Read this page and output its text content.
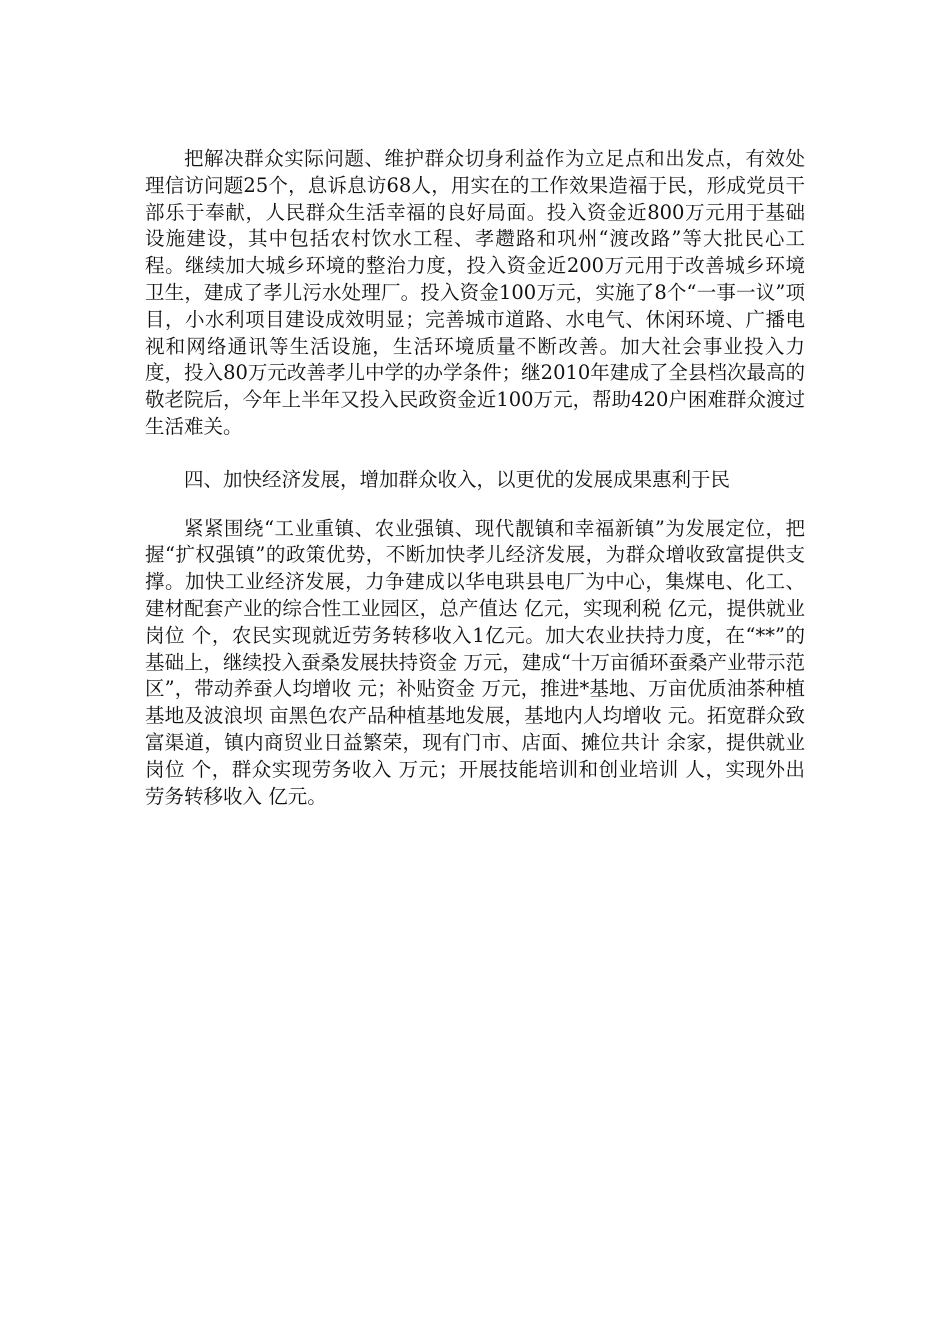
把解决群众实际问题、维护群众切身利益作为立足点和出发点，有效处理信访问题25个，息诉息访68人，用实在的工作效果造福于民，形成党员干部乐于奉献，人民群众生活幸福的良好局面。投入资金近800万元用于基础设施建设，其中包括农村饮水工程、孝趱路和巩州“渡改路”等大批民心工程。继续加大城乡环境的整治力度，投入资金近200万元用于改善城乡环境卫生，建成了孝儿污水处理厂。投入资金100万元，实施了8个“一事一议”项目，小水利项目建设成效明显；完善城市道路、水电气、休闲环境、广播电视和网络通讯等生活设施，生活环境质量不断改善。加大社会事业投入力度，投入80万元改善孝儿中学的办学条件；继2010年建成了全县档次最高的敬老院后，今年上半年又投入民政资金近100万元，帮助420户困难群众渡过生活难关。

四、加快经济发展，增加群众收入，以更优的发展成果惠利于民

紧紧围绕“工业重镇、农业强镇、现代靓镇和幸福新镇”为发展定位，把握“扩权强镇”的政策优势，不断加快孝儿经济发展，为群众增收致富提供支撑。加快工业经济发展，力争建成以华电珙县电厂为中心，集煤电、化工、建材配套产业的综合性工业园区，总产值达 亿元，实现利税 亿元，提供就业岗位 个，农民实现就近劳务转移收入1亿元。加大农业扶持力度，在“**”的基础上，继续投入蚕桑发展扶持资金 万元，建成“十万亩循环蚕桑产业带示范区”，带动养蚕人均增收 元；补贴资金 万元，推进*基地、万亩优质油茶种植基地及波浪坝 亩黑色农产品种植基地发展，基地内人均增收 元。拓宽群众致富渠道，镇内商贸业日益繁荣，现有门市、店面、摊位共计 余家，提供就业岗位 个，群众实现劳务收入 万元；开展技能培训和创业培训 人，实现外出劳务转移收入 亿元。
